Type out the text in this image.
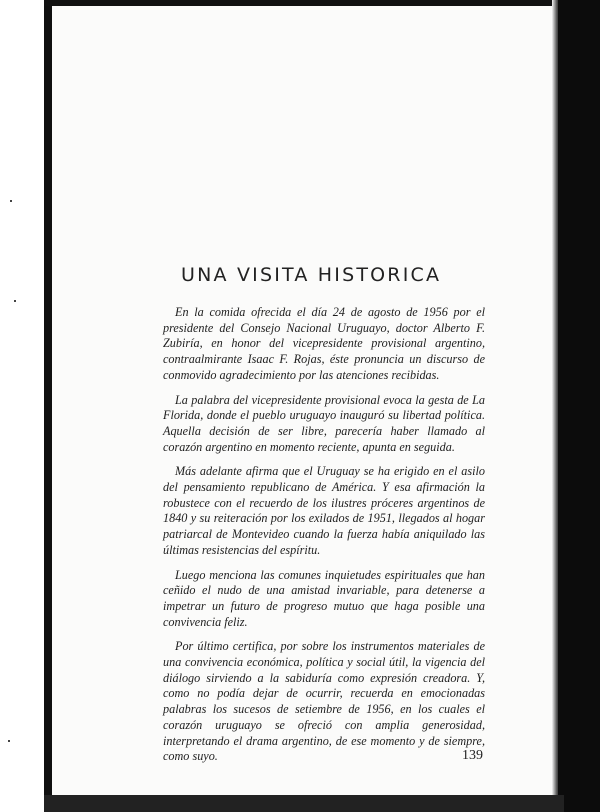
UNA VISITA HISTORICA

En la comida ofrecida el día 24 de agosto de 1956 por el presidente del Consejo Nacional Uruguayo, doctor Alberto F. Zubiría, en honor del vicepresidente provisional argentino, contraalmirante Isaac F. Rojas, éste pronuncia un discurso de conmovido agradecimiento por las atenciones recibidas.

La palabra del vicepresidente provisional evoca la gesta de La Florida, donde el pueblo uruguayo inauguró su libertad política. Aquella decisión de ser libre, parecería haber llamado al corazón argentino en momento reciente, apunta en seguida.

Más adelante afirma que el Uruguay se ha erigido en el asilo del pensamiento republicano de América. Y esa afirmación la robustece con el recuerdo de los ilustres próceres argentinos de 1840 y su reiteración por los exilados de 1951, llegados al hogar patriarcal de Montevideo cuando la fuerza había aniquilado las últimas resistencias del espíritu.

Luego menciona las comunes inquietudes espirituales que han ceñido el nudo de una amistad invariable, para detenerse a impetrar un futuro de progreso mutuo que haga posible una convivencia feliz.

Por último certifica, por sobre los instrumentos materiales de una convivencia económica, política y social útil, la vigencia del diálogo sirviendo a la sabiduría como expresión creadora. Y, como no podía dejar de ocurrir, recuerda en emocionadas palabras los sucesos de setiembre de 1956, en los cuales el corazón uruguayo se ofreció con amplia generosidad, interpretando el drama argentino, de ese momento y de siempre, como suyo.	139
